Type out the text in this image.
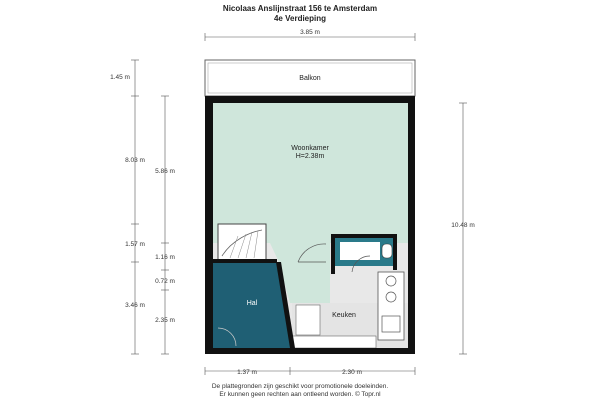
Nicolaas Anslijnstraat 156 te Amsterdam
4e Verdieping
Balkon
Woonkamer
H=2.38m
Hal
Keuken
3.85 m
1.45 m
8.03 m
1.57 m
3.46 m
5.86 m
1.16 m
0.72 m
2.35 m
10.48 m
1.37 m	2.30 m
De plattegronden zijn geschikt voor promotionele doeleinden.
Er kunnen geen rechten aan ontleend worden. © Topr.nl
